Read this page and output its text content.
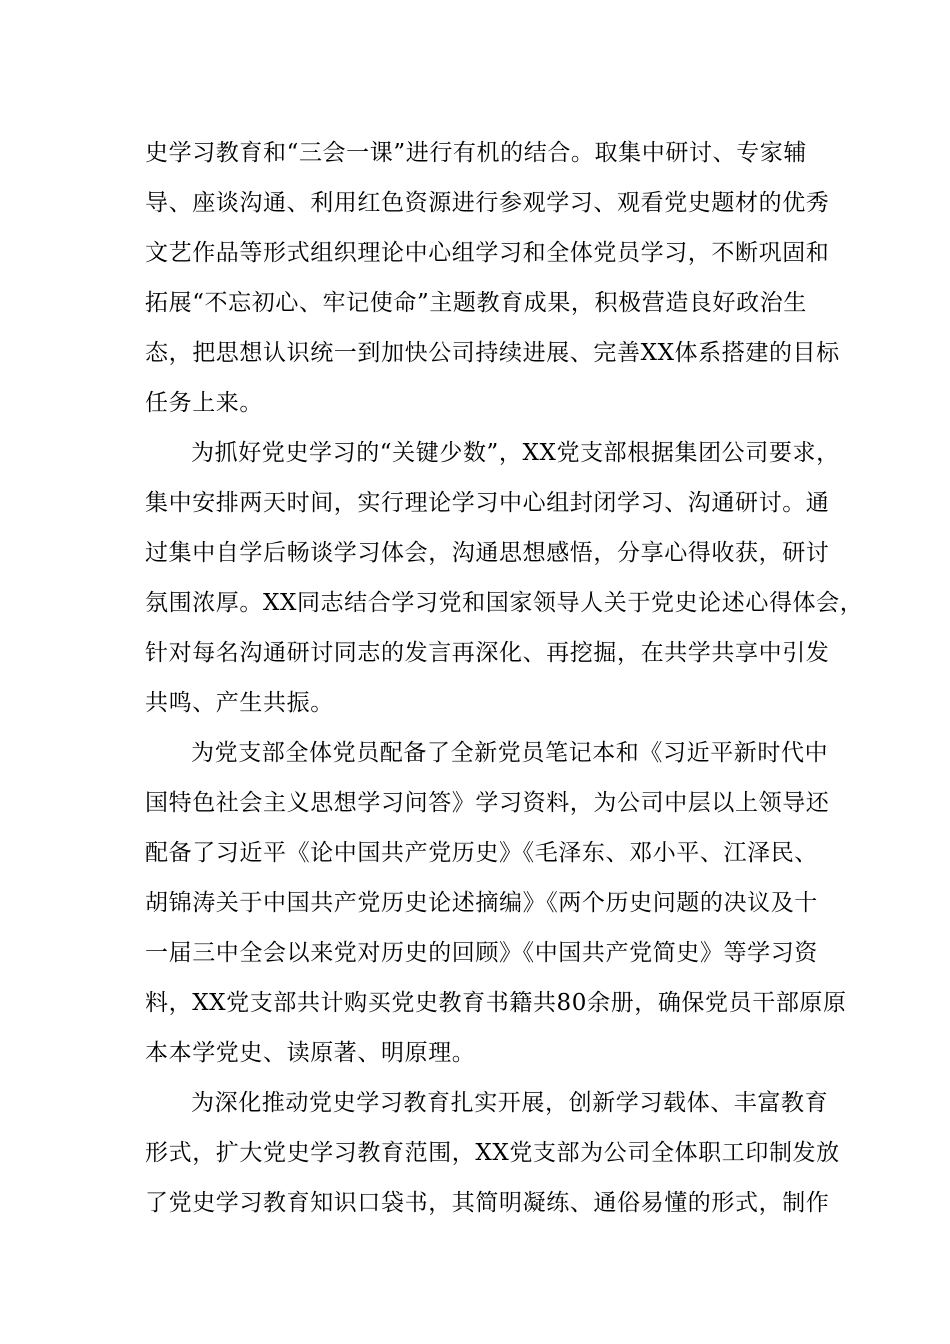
史学习教育和“三会一课”进行有机的结合。取集中研讨、专家辅
导、座谈沟通、利用红色资源进行参观学习、观看党史题材的优秀
文艺作品等形式组织理论中心组学习和全体党员学习，不断巩固和
拓展“不忘初心、牢记使命”主题教育成果，积极营造良好政治生
态，把思想认识统一到加快公司持续进展、完善XX体系搭建的目标
任务上来。
为抓好党史学习的“关键少数”，XX党支部根据集团公司要求，
集中安排两天时间，实行理论学习中心组封闭学习、沟通研讨。通
过集中自学后畅谈学习体会，沟通思想感悟，分享心得收获，研讨
氛围浓厚。XX同志结合学习党和国家领导人关于党史论述心得体会，
针对每名沟通研讨同志的发言再深化、再挖掘，在共学共享中引发
共鸣、产生共振。
为党支部全体党员配备了全新党员笔记本和《习近平新时代中
国特色社会主义思想学习问答》学习资料，为公司中层以上领导还
配备了习近平《论中国共产党历史》《毛泽东、邓小平、江泽民、
胡锦涛关于中国共产党历史论述摘编》《两个历史问题的决议及十
一届三中全会以来党对历史的回顾》《中国共产党简史》等学习资
料，XX党支部共计购买党史教育书籍共80余册，确保党员干部原原
本本学党史、读原著、明原理。
为深化推动党史学习教育扎实开展，创新学习载体、丰富教育
形式，扩大党史学习教育范围，XX党支部为公司全体职工印制发放
了党史学习教育知识口袋书，其简明凝练、通俗易懂的形式，制作
